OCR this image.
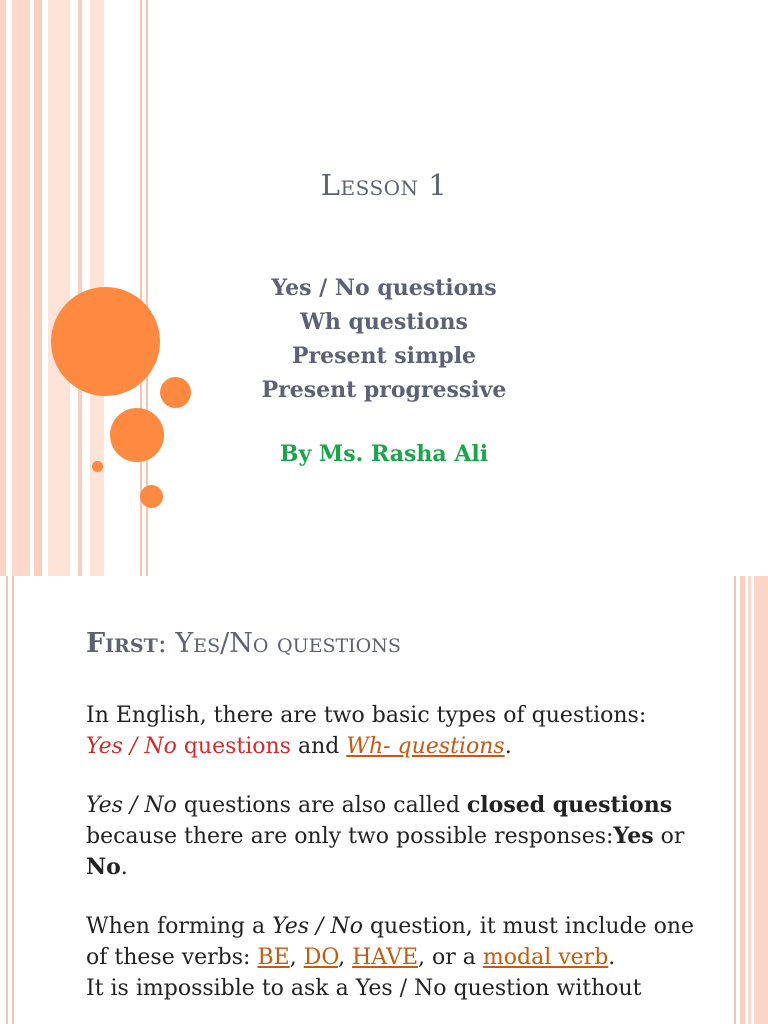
Lesson 1
Yes / No questions
Wh questions
Present simple
Present progressive
By Ms. Rasha Ali
First: Yes/No questions

In English, there are two basic types of questions:
Yes / No questions and Wh- questions.

Yes / No questions are also called closed questions because there are only two possible responses:Yes or No.

When forming a Yes / No question, it must include one of these verbs: BE, DO, HAVE, or a modal verb.
It is impossible to ask a Yes / No question without
